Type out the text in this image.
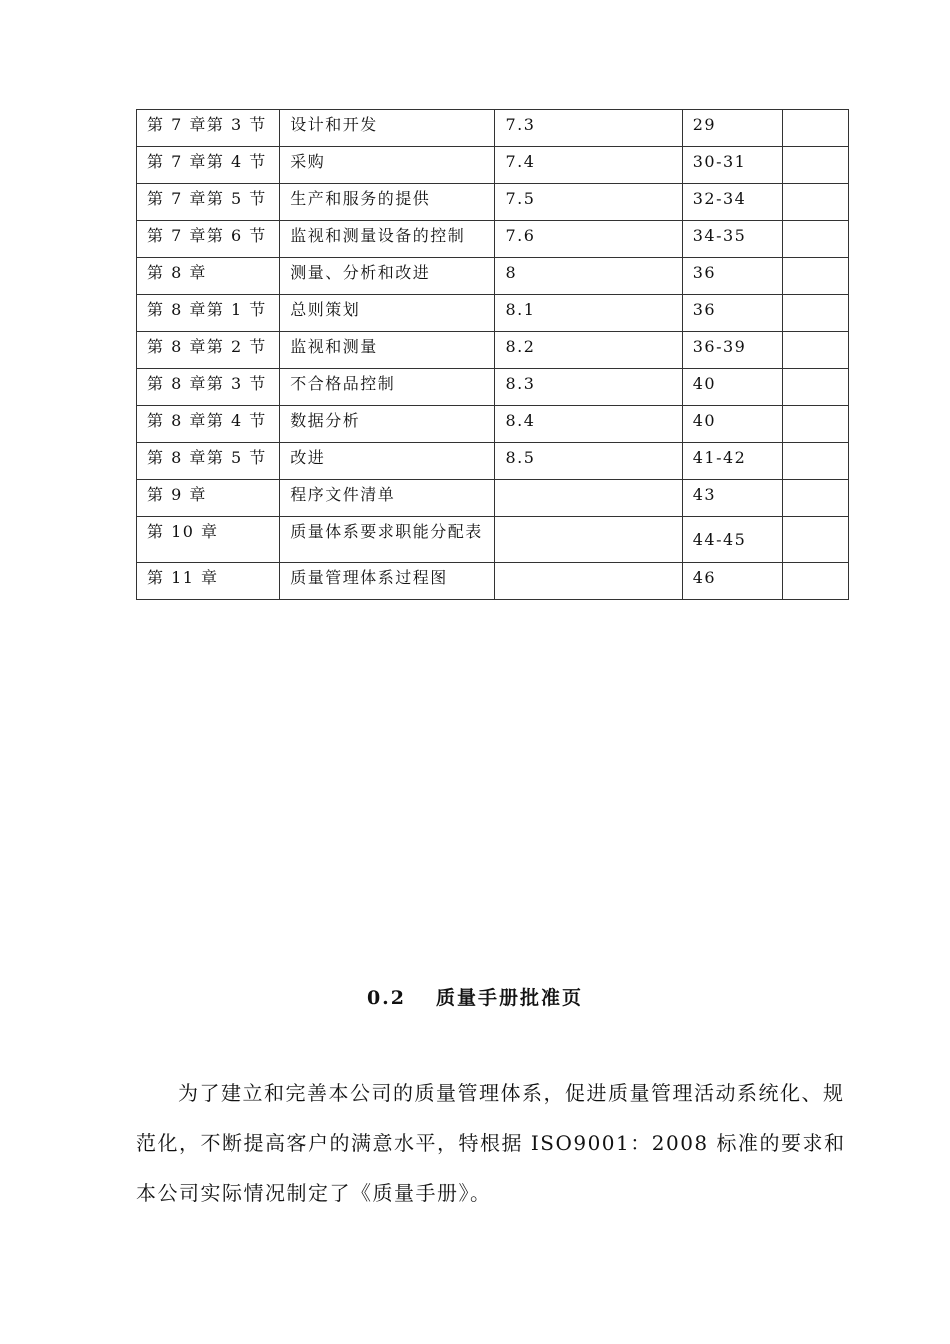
第 7 章第 3 节	设计和开发	7.3	29	
第 7 章第 4 节	采购	7.4	30-31	
第 7 章第 5 节	生产和服务的提供	7.5	32-34	
第 7 章第 6 节	监视和测量设备的控制	7.6	34-35	
第 8 章	测量、分析和改进	8	36	
第 8 章第 1 节	总则策划	8.1	36	
第 8 章第 2 节	监视和测量	8.2	36-39	
第 8 章第 3 节	不合格品控制	8.3	40	
第 8 章第 4 节	数据分析	8.4	40	
第 8 章第 5 节	改进	8.5	41-42	
第 9 章	程序文件清单		43	
第 10 章	质量体系要求职能分配表		44-45	
第 11 章	质量管理体系过程图		46	
0.2 质量手册批准页

为了建立和完善本公司的质量管理体系，促进质量管理活动系统化、规范化，不断提高客户的满意水平，特根据 ISO9001：2008 标准的要求和本公司实际情况制定了《质量手册》。
